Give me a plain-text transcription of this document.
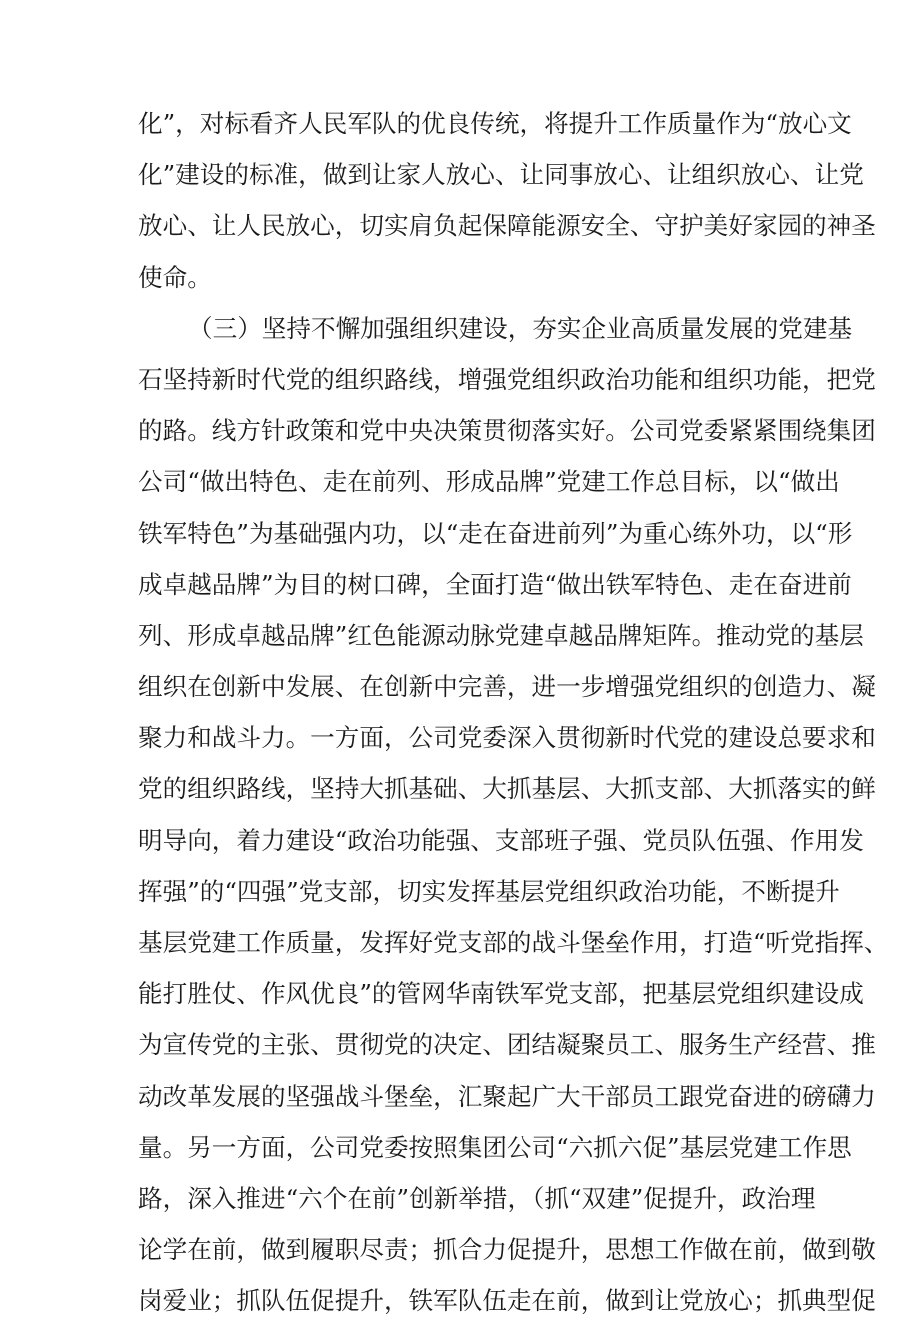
化”，对标看齐人民军队的优良传统，将提升工作质量作为“放心文
化”建设的标准，做到让家人放心、让同事放心、让组织放心、让党
放心、让人民放心，切实肩负起保障能源安全、守护美好家园的神圣
使命。
（三）坚持不懈加强组织建设，夯实企业高质量发展的党建基
石坚持新时代党的组织路线，增强党组织政治功能和组织功能，把党
的路。线方针政策和党中央决策贯彻落实好。公司党委紧紧围绕集团
公司“做出特色、走在前列、形成品牌”党建工作总目标，以“做出
铁军特色”为基础强内功，以“走在奋进前列”为重心练外功，以“形
成卓越品牌”为目的树口碑，全面打造“做出铁军特色、走在奋进前
列、形成卓越品牌”红色能源动脉党建卓越品牌矩阵。推动党的基层
组织在创新中发展、在创新中完善，进一步增强党组织的创造力、凝
聚力和战斗力。一方面，公司党委深入贯彻新时代党的建设总要求和
党的组织路线，坚持大抓基础、大抓基层、大抓支部、大抓落实的鲜
明导向，着力建设“政治功能强、支部班子强、党员队伍强、作用发
挥强”的“四强”党支部，切实发挥基层党组织政治功能，不断提升
基层党建工作质量，发挥好党支部的战斗堡垒作用，打造“听党指挥、
能打胜仗、作风优良”的管网华南铁军党支部，把基层党组织建设成
为宣传党的主张、贯彻党的决定、团结凝聚员工、服务生产经营、推
动改革发展的坚强战斗堡垒，汇聚起广大干部员工跟党奋进的磅礴力
量。另一方面，公司党委按照集团公司“六抓六促”基层党建工作思
路，深入推进“六个在前”创新举措，（抓“双建”促提升，政治理
论学在前，做到履职尽责；抓合力促提升，思想工作做在前，做到敬
岗爱业；抓队伍促提升，铁军队伍走在前，做到让党放心；抓典型促
